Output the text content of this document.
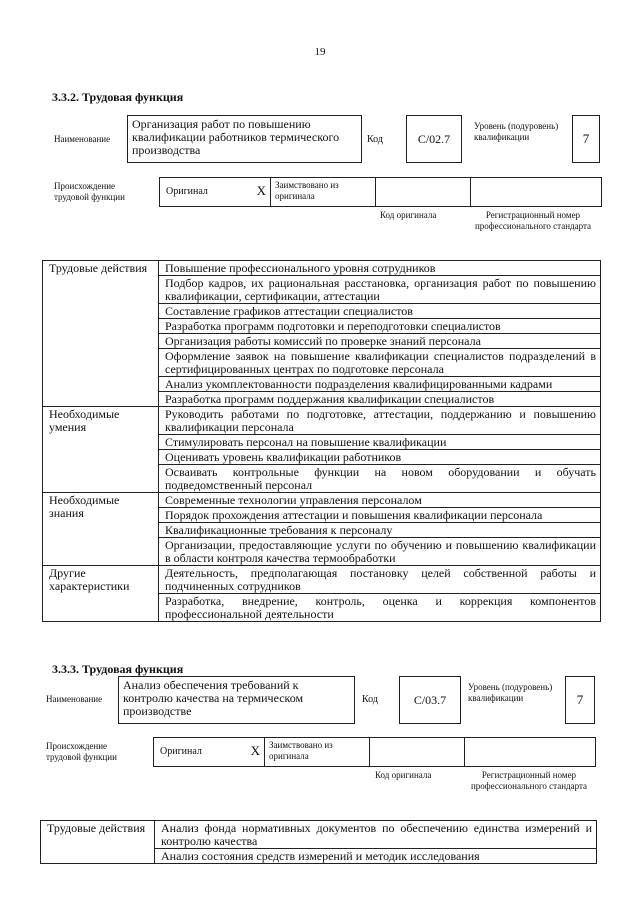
19
3.3.2. Трудовая функция
Наименование
Организация работ по повышению квалификации работников термического производства
Код	C/02.7
Уровень (подуровень) квалификации	7
Происхождение трудовой функции	Оригинал	X	Заимствовано из оригинала
Код оригинала	Регистрационный номер профессионального стандарта
Трудовые действия	Повышение профессионального уровня сотрудников
	Подбор кадров, их рациональная расстановка, организация работ по повышению квалификации, сертификации, аттестации
	Составление графиков аттестации специалистов
	Разработка программ подготовки и переподготовки специалистов
	Организация работы комиссий по проверке знаний персонала
	Оформление заявок на повышение квалификации специалистов подразделений в сертифицированных центрах по подготовке персонала
	Анализ укомплектованности подразделения квалифицированными кадрами
	Разработка программ поддержания квалификации специалистов
Необходимые умения	Руководить работами по подготовке, аттестации, поддержанию и повышению квалификации персонала
	Стимулировать персонал на повышение квалификации
	Оценивать уровень квалификации работников
	Осваивать контрольные функции на новом оборудовании и обучать подведомственный персонал
Необходимые знания	Современные технологии управления персоналом
	Порядок прохождения аттестации и повышения квалификации персонала
	Квалификационные требования к персоналу
	Организации, предоставляющие услуги по обучению и повышению квалификации в области контроля качества термообработки
Другие характеристики	Деятельность, предполагающая постановку целей собственной работы и подчиненных сотрудников
	Разработка, внедрение, контроль, оценка и коррекция компонентов профессиональной деятельности
3.3.3. Трудовая функция
Наименование
Анализ обеспечения требований к контролю качества на термическом производстве
Код	C/03.7
Уровень (подуровень) квалификации	7
Происхождение трудовой функции	Оригинал	X	Заимствовано из оригинала
Код оригинала	Регистрационный номер профессионального стандарта
Трудовые действия	Анализ фонда нормативных документов по обеспечению единства измерений и контролю качества
Анализ состояния средств измерений и методик исследования
